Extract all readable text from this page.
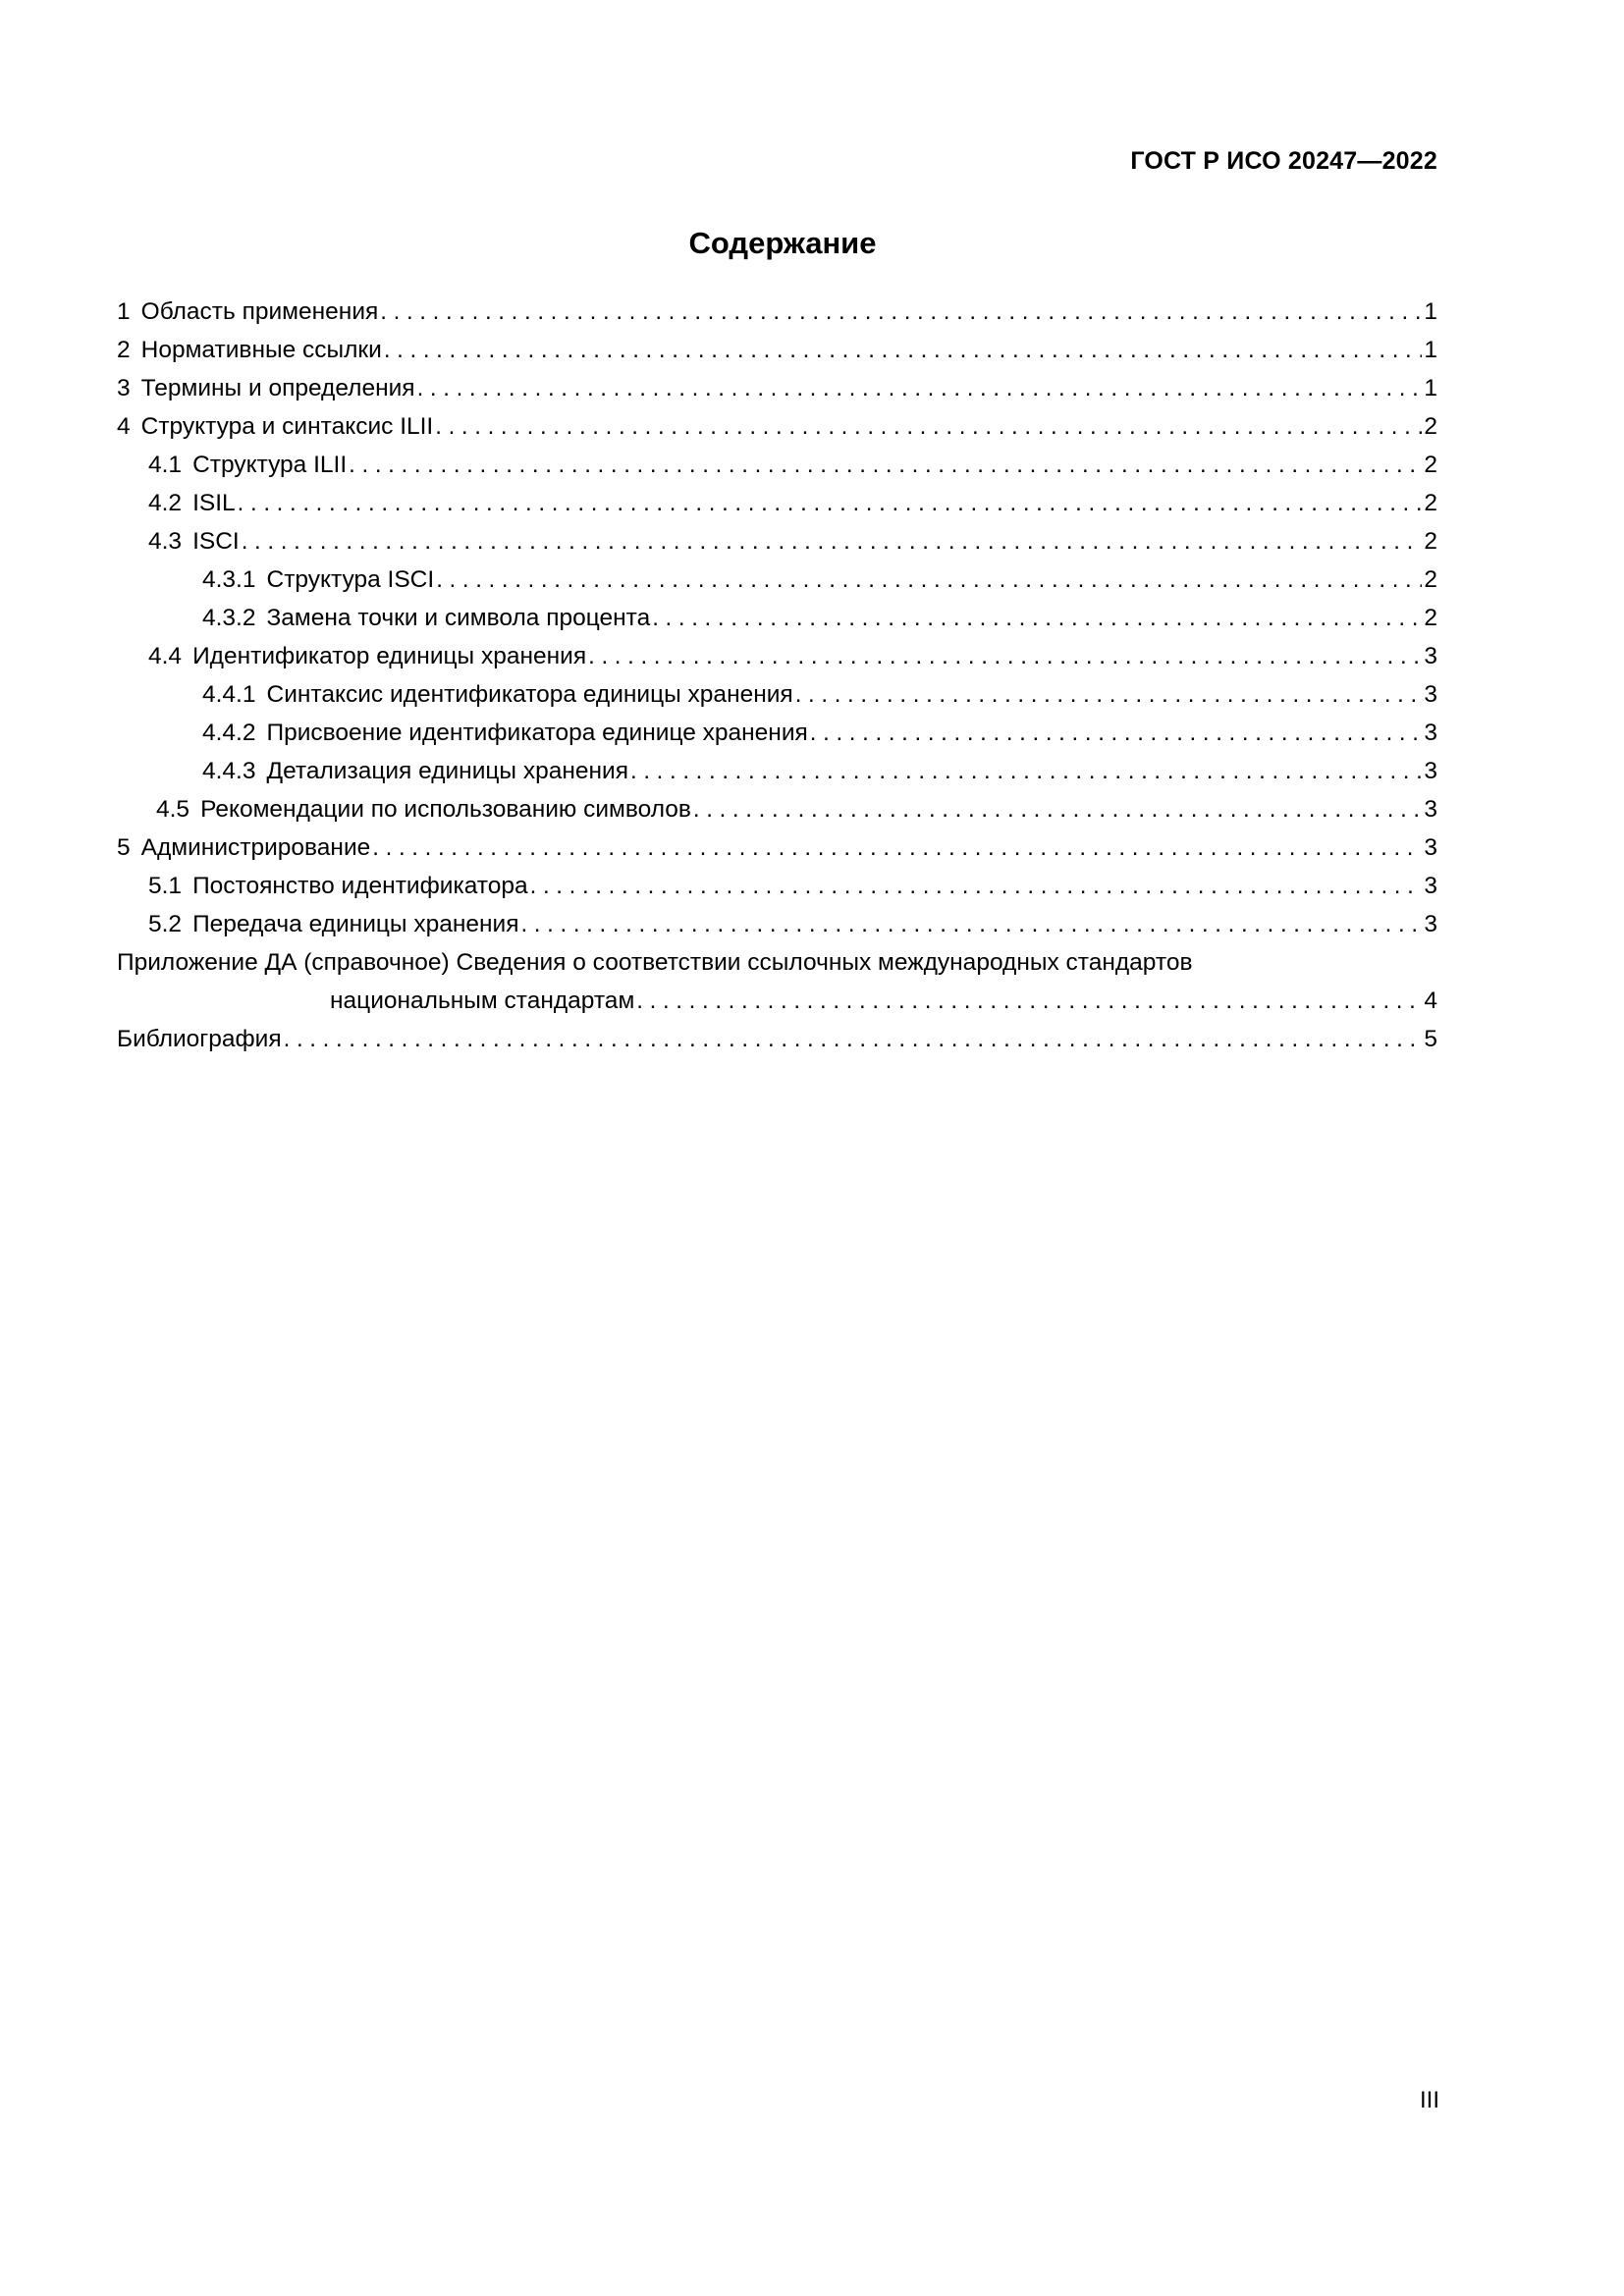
ГОСТ Р ИСО 20247—2022
Содержание
1 Область применения . . .	1
2 Нормативные ссылки . . .	1
3 Термины и определения . . .	1
4 Структура и синтаксис ILII . . .	2
4.1 Структура ILII . . .	2
4.2 ISIL . . .	2
4.3 ISCI . . .	2
4.3.1 Структура ISCI . . .	2
4.3.2 Замена точки и символа процента . . .	2
4.4 Идентификатор единицы хранения . . .	3
4.4.1 Синтаксис идентификатора единицы хранения . . .	3
4.4.2 Присвоение идентификатора единице хранения . . .	3
4.4.3 Детализация единицы хранения . . .	3
4.5 Рекомендации по использованию символов . . .	3
5 Администрирование . . .	3
5.1 Постоянство идентификатора . . .	3
5.2 Передача единицы хранения . . .	3
Приложение ДА (справочное) Сведения о соответствии ссылочных международных стандартов
национальным стандартам . . .	4
Библиография . . .	5
III
